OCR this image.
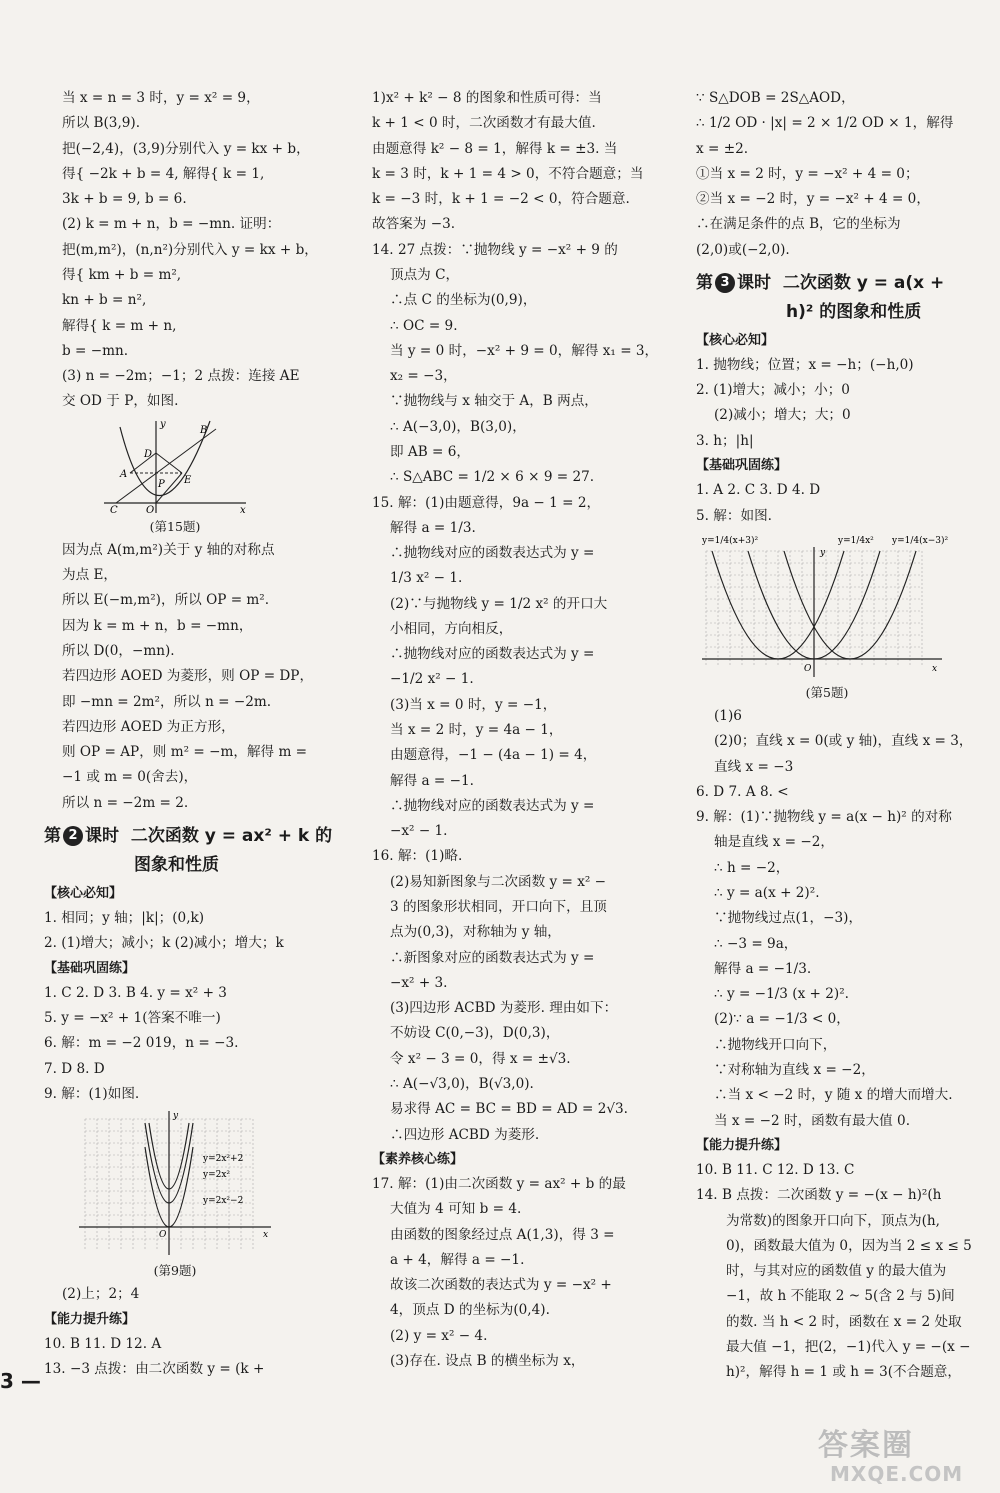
当 x = n = 3 时，y = x² = 9，
所以 B(3,9).
把(−2,4)，(3,9)分别代入 y = kx + b，
得{ −2k + b = 4, 解得{ k = 1,
3k + b = 9, b = 6.
(2) k = m + n，b = −mn. 证明：
把(m,m²)，(n,n²)分别代入 y = kx + b，
得{ km + b = m²,
kn + b = n²,
解得{ k = m + n,
b = −mn.
(3) n = −2m；−1；2 点拨：连接 AE
交 OD 于 P，如图.
y
x
B
D
A
P E
C	O
(第15题)
因为点 A(m,m²)关于 y 轴的对称点
为点 E，
所以 E(−m,m²)，所以 OP = m².
因为 k = m + n，b = −mn，
所以 D(0，−mn).
若四边形 AOED 为菱形，则 OP = DP，
即 −mn = 2m²，所以 n = −2m.
若四边形 AOED 为正方形，
则 OP = AP，则 m² = −m，解得 m =
−1 或 m = 0(舍去)，
所以 n = −2m = 2.
第 2 课时 二次函数 y = ax² + k 的
图象和性质
【核心必知】
1. 相同；y 轴；|k|；(0,k)
2. (1)增大；减小；k (2)减小；增大；k
【基础巩固练】
1. C 2. D 3. B 4. y = x² + 3
5. y = −x² + 1(答案不唯一)
6. 解：m = −2 019，n = −3.
7. D 8. D
9. 解：(1)如图.
y
x
O
y=2x²+2
y=2x²
y=2x²−2
(第9题)
(2)上；2；4
【能力提升练】
10. B 11. D 12. A
13. −3 点拨：由二次函数 y = (k +
1)x² + k² − 8 的图象和性质可得：当
k + 1 < 0 时，二次函数才有最大值.
由题意得 k² − 8 = 1，解得 k = ±3. 当
k = 3 时，k + 1 = 4 > 0，不符合题意；当
k = −3 时，k + 1 = −2 < 0，符合题意.
故答案为 −3.
14. 27 点拨：∵抛物线 y = −x² + 9 的
顶点为 C，
∴点 C 的坐标为(0,9)，
∴ OC = 9.
当 y = 0 时，−x² + 9 = 0，解得 x₁ = 3，
x₂ = −3，
∵抛物线与 x 轴交于 A，B 两点，
∴ A(−3,0)，B(3,0)，
即 AB = 6，
∴ S△ABC = 1/2 × 6 × 9 = 27.
15. 解：(1)由题意得，9a − 1 = 2，
解得 a = 1/3.
∴抛物线对应的函数表达式为 y =
1/3 x² − 1.
(2)∵与抛物线 y = 1/2 x² 的开口大
小相同，方向相反，
∴抛物线对应的函数表达式为 y =
−1/2 x² − 1.
(3)当 x = 0 时，y = −1，
当 x = 2 时，y = 4a − 1，
由题意得，−1 − (4a − 1) = 4，
解得 a = −1.
∴抛物线对应的函数表达式为 y =
−x² − 1.
16. 解：(1)略.
(2)易知新图象与二次函数 y = x² −
3 的图象形状相同，开口向下，且顶
点为(0,3)，对称轴为 y 轴，
∴新图象对应的函数表达式为 y =
−x² + 3.
(3)四边形 ACBD 为菱形. 理由如下：
不妨设 C(0,−3)，D(0,3)，
令 x² − 3 = 0，得 x = ±√3.
∴ A(−√3,0)，B(√3,0).
易求得 AC = BC = BD = AD = 2√3.
∴四边形 ACBD 为菱形.
【素养核心练】
17. 解：(1)由二次函数 y = ax² + b 的最
大值为 4 可知 b = 4.
由函数的图象经过点 A(1,3)，得 3 =
a + 4，解得 a = −1.
故该二次函数的表达式为 y = −x² +
4，顶点 D 的坐标为(0,4).
(2) y = x² − 4.
(3)存在. 设点 B 的横坐标为 x，
∵ S△DOB = 2S△AOD，
∴ 1/2 OD · |x| = 2 × 1/2 OD × 1，解得
x = ±2.
①当 x = 2 时，y = −x² + 4 = 0；
②当 x = −2 时，y = −x² + 4 = 0，
∴在满足条件的点 B，它的坐标为
(2,0)或(−2,0).
第 3 课时 二次函数 y = a(x +
h)² 的图象和性质
【核心必知】
1. 抛物线；位置；x = −h；(−h,0)
2. (1)增大；减小；小；0
(2)减小；增大；大；0
3. h；|h|
【基础巩固练】
1. A 2. C 3. D 4. D
5. 解：如图.
y=1/4(x+3)²	y=1/4x² y=1/4(x−3)²
y
x
O
(第5题)
(1)6
(2)0；直线 x = 0(或 y 轴)，直线 x = 3，
直线 x = −3
6. D 7. A 8. <
9. 解：(1)∵抛物线 y = a(x − h)² 的对称
轴是直线 x = −2，
∴ h = −2，
∴ y = a(x + 2)².
∵抛物线过点(1，−3)，
∴ −3 = 9a，
解得 a = −1/3.
∴ y = −1/3 (x + 2)².
(2)∵ a = −1/3 < 0，
∴抛物线开口向下，
∵对称轴为直线 x = −2，
∴当 x < −2 时，y 随 x 的增大而增大.
当 x = −2 时，函数有最大值 0.
【能力提升练】
10. B 11. C 12. D 13. C
14. B 点拨：二次函数 y = −(x − h)²(h
为常数)的图象开口向下，顶点为(h,
0)，函数最大值为 0，因为当 2 ≤ x ≤ 5
时，与其对应的函数值 y 的最大值为
−1，故 h 不能取 2 ~ 5(含 2 与 5)间
的数. 当 h < 2 时，函数在 x = 2 处取
最大值 −1，把(2，−1)代入 y = −(x −
h)²，解得 h = 1 或 h = 3(不合题意，
3 —
答案圈
MXQE.COM
